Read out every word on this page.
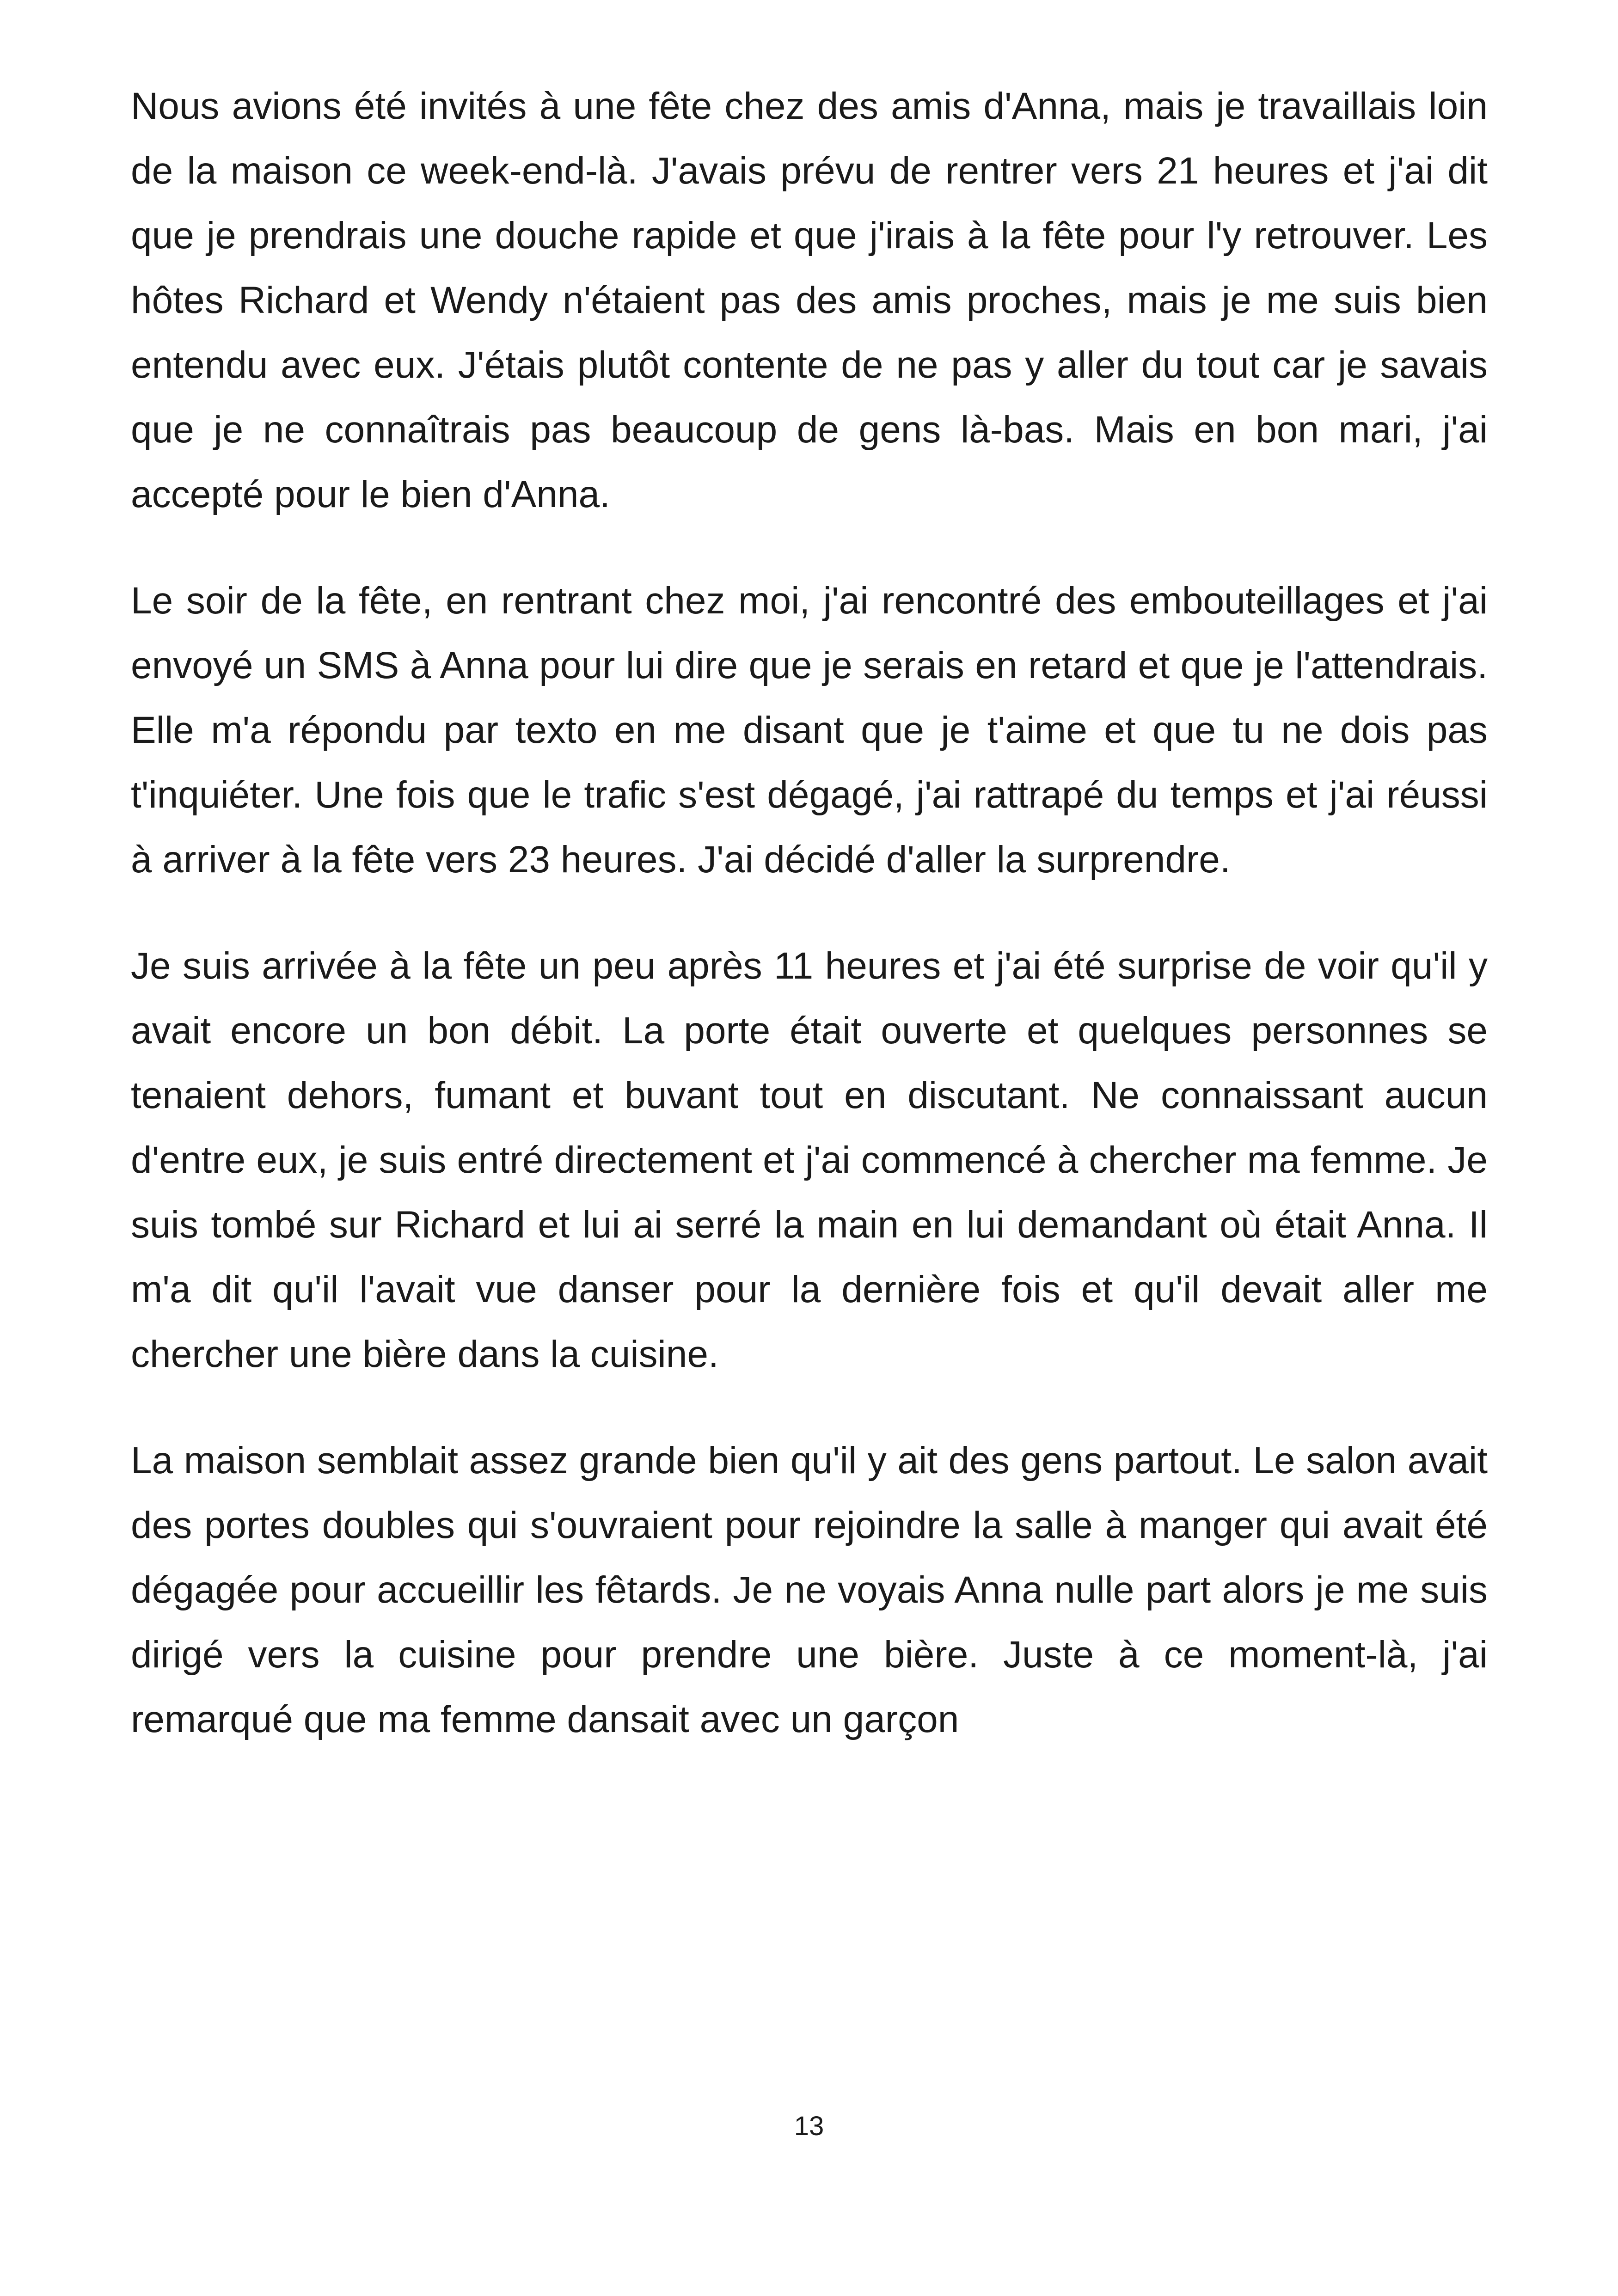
Nous avions été invités à une fête chez des amis d'Anna, mais je travaillais loin de la maison ce week-end-là. J'avais prévu de rentrer vers 21 heures et j'ai dit que je prendrais une douche rapide et que j'irais à la fête pour l'y retrouver. Les hôtes Richard et Wendy n'étaient pas des amis proches, mais je me suis bien entendu avec eux. J'étais plutôt contente de ne pas y aller du tout car je savais que je ne connaîtrais pas beaucoup de gens là-bas. Mais en bon mari, j'ai accepté pour le bien d'Anna.

Le soir de la fête, en rentrant chez moi, j'ai rencontré des embouteillages et j'ai envoyé un SMS à Anna pour lui dire que je serais en retard et que je l'attendrais. Elle m'a répondu par texto en me disant que je t'aime et que tu ne dois pas t'inquiéter. Une fois que le trafic s'est dégagé, j'ai rattrapé du temps et j'ai réussi à arriver à la fête vers 23 heures. J'ai décidé d'aller la surprendre.

Je suis arrivée à la fête un peu après 11 heures et j'ai été surprise de voir qu'il y avait encore un bon débit. La porte était ouverte et quelques personnes se tenaient dehors, fumant et buvant tout en discutant. Ne connaissant aucun d'entre eux, je suis entré directement et j'ai commencé à chercher ma femme. Je suis tombé sur Richard et lui ai serré la main en lui demandant où était Anna. Il m'a dit qu'il l'avait vue danser pour la dernière fois et qu'il devait aller me chercher une bière dans la cuisine.

La maison semblait assez grande bien qu'il y ait des gens partout. Le salon avait des portes doubles qui s'ouvraient pour rejoindre la salle à manger qui avait été dégagée pour accueillir les fêtards. Je ne voyais Anna nulle part alors je me suis dirigé vers la cuisine pour prendre une bière. Juste à ce moment-là, j'ai remarqué que ma femme dansait avec un garçon

13
